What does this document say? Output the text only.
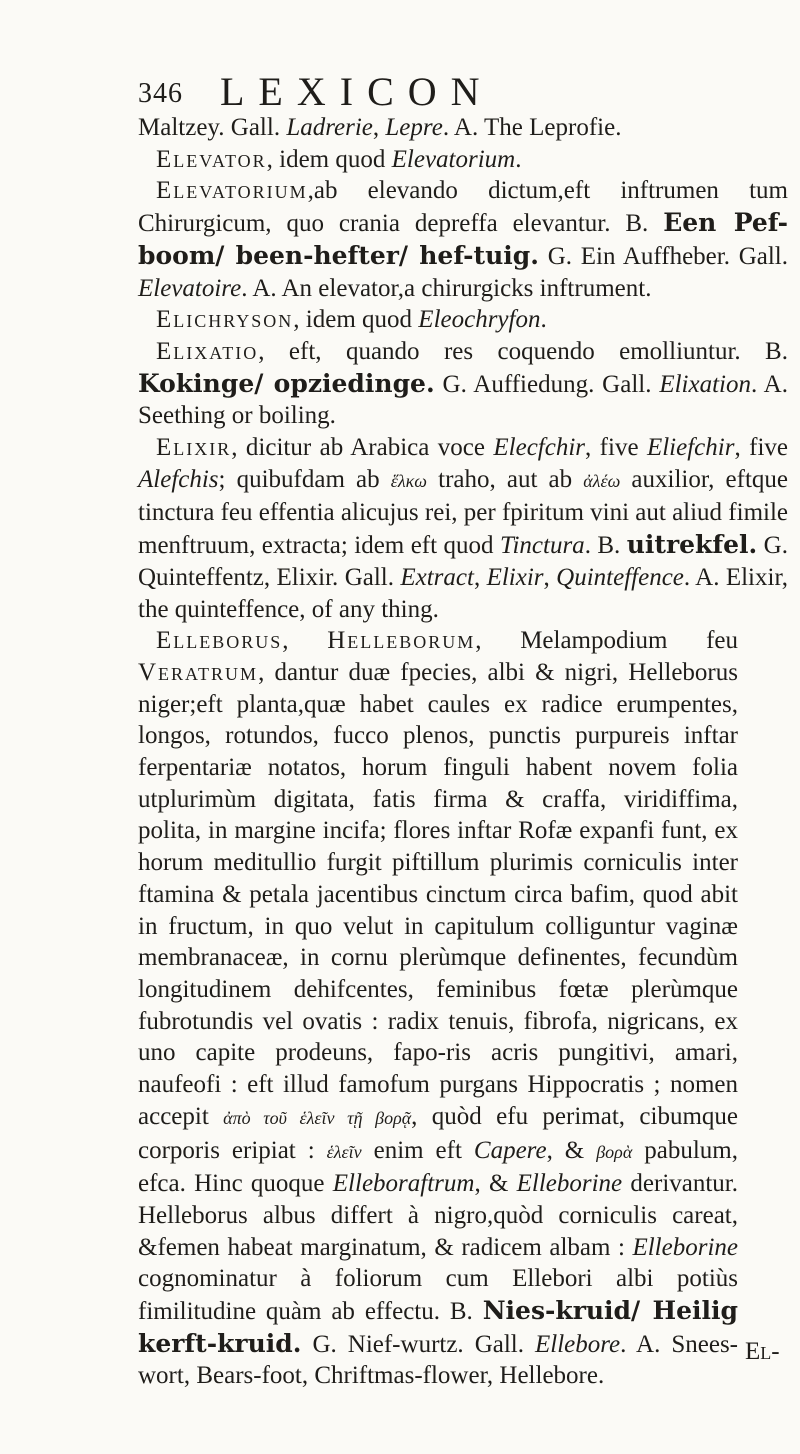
346 LEXICON

Maltzey. Gall. Ladrerie, Lepre. A. The Leprofie.

Elevator, idem quod Elevatorium.

Elevatorium,ab elevando dictum,eft inftrumen tum Chirurgicum, quo crania depreffa elevantur. B. Een Pef-boom/ been-hefter/ hef-tuig. G. Ein Auffheber. Gall. Elevatoire. A. An elevator,a chirurgicks inftrument.

Elichryson, idem quod Eleochryfon.

Elixatio, eft, quando res coquendo emolliuntur. B. Kokinge/ opziedinge. G. Auffiedung. Gall. Elixation. A. Seething or boiling.

Elixir, dicitur ab Arabica voce Elecfchir, five Eliefchir, five Alefchis; quibufdam ab ἕλκω traho, aut ab ἀλέω auxilior, eftque tinctura feu effentia alicujus rei, per fpiritum vini aut aliud fimile menftruum, extracta; idem eft quod Tinctura. B. uitrekfel. G. Quinteffentz, Elixir. Gall. Extract, Elixir, Quinteffence. A. Elixir, the quinteffence, of any thing.

Elleborus, Helleborum, Melampodium feu Veratrum, dantur duæ fpecies, albi & nigri, Helleborus niger;eft planta,quæ habet caules ex radice erumpentes, longos, rotundos, fucco plenos, punctis purpureis inftar ferpentariæ notatos, horum finguli habent novem folia utplurimùm digitata, fatis firma & craffa, viridiffima, polita, in margine incifa; flores inftar Rofæ expanfi funt, ex horum meditullio furgit piftillum plurimis corniculis inter ftamina & petala jacentibus cinctum circa bafim, quod abit in fructum, in quo velut in capitulum colliguntur vaginæ membranaceæ, in cornu plerùmque definentes, fecundùm longitudinem dehifcentes, feminibus fœtæ plerùmque fubrotundis vel ovatis : radix tenuis, fibrofa, nigricans, ex uno capite prodeuns, fapo-ris acris pungitivi, amari, naufeofi : eft illud famofum purgans Hippocratis ; nomen accepit ἀπὸ τοῦ ἑλεῖν τῇ βορᾷ, quòd efu perimat, cibumque corporis eripiat : ἑλεῖν enim eft Capere, & βορὰ pabulum, efca. Hinc quoque Elleboraftrum, & Elleborine derivantur. Helleborus albus differt à nigro,quòd corniculis careat, &femen habeat marginatum, & radicem albam : Elleborine cognominatur à foliorum cum Ellebori albi potiùs fimilitudine quàm ab effectu. B. Nies-kruid/ Heilig kerft-kruid. G. Nief-wurtz. Gall. Ellebore. A. Snees-wort, Bears-foot, Chriftmas-flower, Hellebore.

El-
